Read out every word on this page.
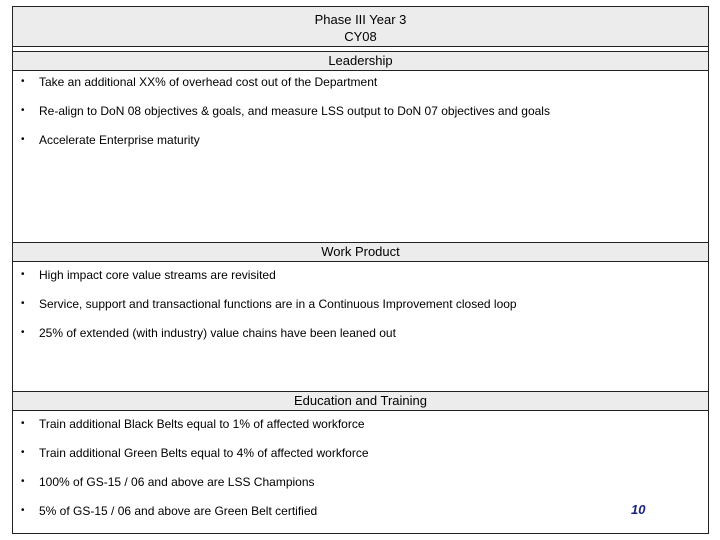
Phase III Year 3
CY08
Leadership
• Take an additional XX% of overhead cost out of the Department
• Re-align to DoN 08 objectives & goals, and measure LSS output to DoN 07 objectives and goals
• Accelerate Enterprise maturity
Work Product
• High impact core value streams are revisited
• Service, support and transactional functions are in a Continuous Improvement closed loop
• 25% of extended (with industry) value chains have been leaned out
Education and Training
• Train additional Black Belts equal to 1% of affected workforce
• Train additional Green Belts equal to 4% of affected workforce
• 100% of GS-15 / 06 and above are LSS Champions
• 5% of GS-15 / 06 and above are Green Belt certified	10
